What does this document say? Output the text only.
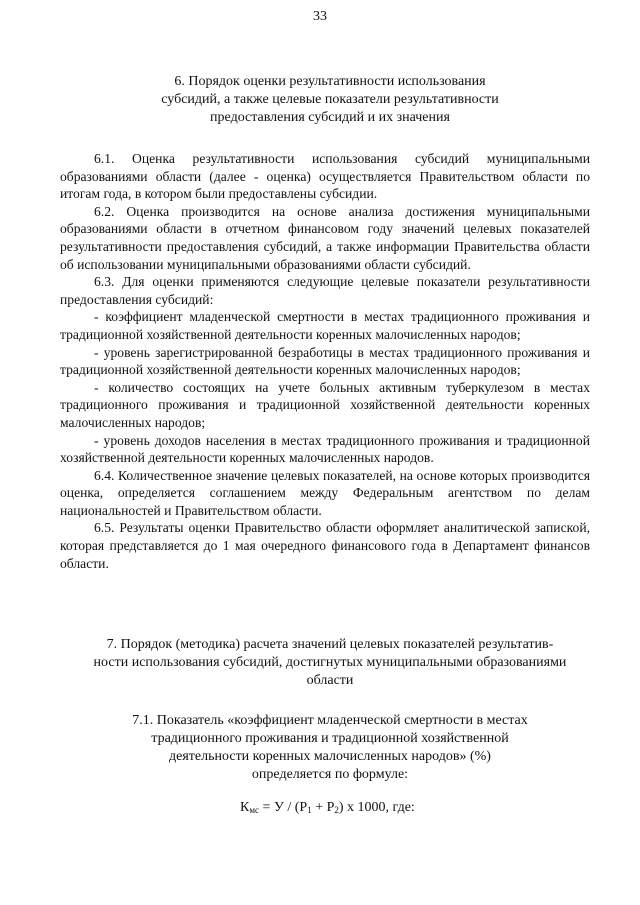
33
6. Порядок оценки результативности использования
субсидий, а также целевые показатели результативности
предоставления субсидий и их значения
6.1. Оценка результативности использования субсидий муниципальными образованиями области (далее - оценка) осуществляется Правительством области по итогам года, в котором были предоставлены субсидии.
6.2. Оценка производится на основе анализа достижения муниципальными образованиями области в отчетном финансовом году значений целевых показателей результативности предоставления субсидий, а также информации Правительства области об использовании муниципальными образованиями области субсидий.
6.3. Для оценки применяются следующие целевые показатели результативности предоставления субсидий:
- коэффициент младенческой смертности в местах традиционного проживания и традиционной хозяйственной деятельности коренных малочисленных народов;
- уровень зарегистрированной безработицы в местах традиционного проживания и традиционной хозяйственной деятельности коренных малочисленных народов;
- количество состоящих на учете больных активным туберкулезом в местах традиционного проживания и традиционной хозяйственной деятельности коренных малочисленных народов;
- уровень доходов населения в местах традиционного проживания и традиционной хозяйственной деятельности коренных малочисленных народов.
6.4. Количественное значение целевых показателей, на основе которых производится оценка, определяется соглашением между Федеральным агентством по делам национальностей и Правительством области.
6.5. Результаты оценки Правительство области оформляет аналитической запиской, которая представляется до 1 мая очередного финансового года в Департамент финансов области.
7. Порядок (методика) расчета значений целевых показателей результатив-
ности использования субсидий, достигнутых муниципальными образованиями
области
7.1. Показатель «коэффициент младенческой смертности в местах
традиционного проживания и традиционной хозяйственной
деятельности коренных малочисленных народов» (%)
определяется по формуле:
$К_{мс} = У / (Р_1 + Р_2)$ х 1000, где:
